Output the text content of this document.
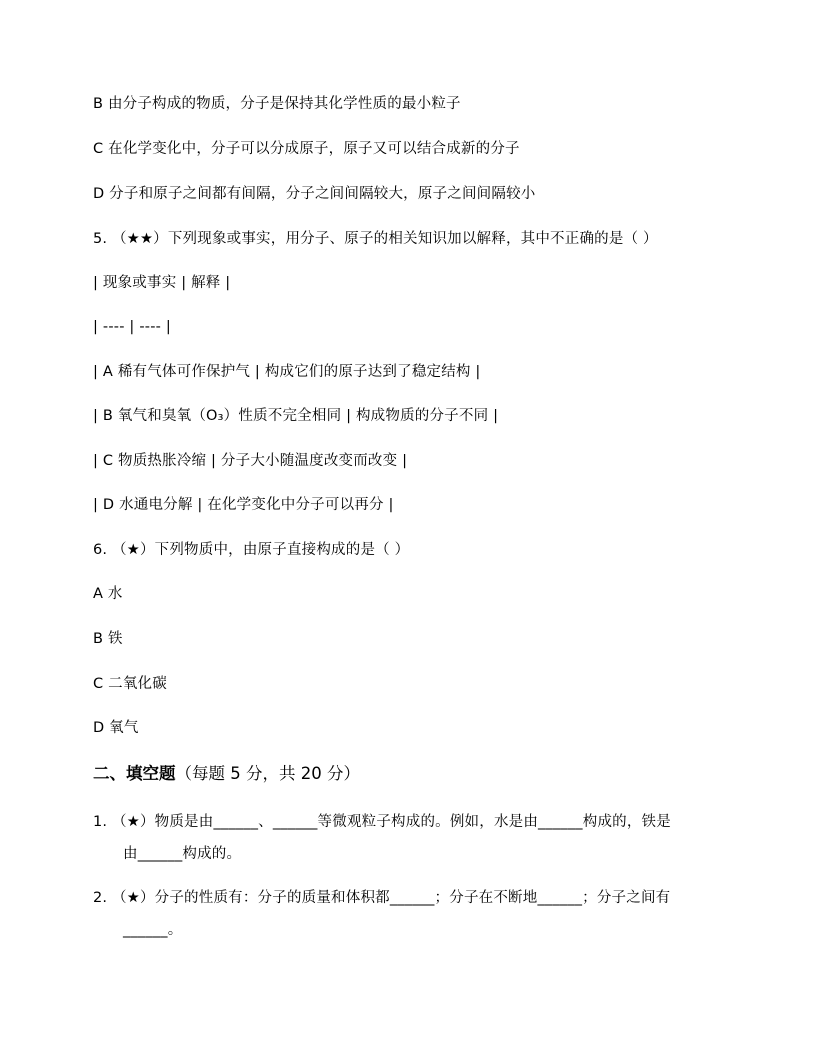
B 由分子构成的物质，分子是保持其化学性质的最小粒子
C 在化学变化中，分子可以分成原子，原子又可以结合成新的分子
D 分子和原子之间都有间隔，分子之间间隔较大，原子之间间隔较小
5. （★★）下列现象或事实，用分子、原子的相关知识加以解释，其中不正确的是（ ）
| 现象或事实 | 解释 |
| ---- | ---- |
| A 稀有气体可作保护气 | 构成它们的原子达到了稳定结构 |
| B 氧气和臭氧（O₃）性质不完全相同 | 构成物质的分子不同 |
| C 物质热胀冷缩 | 分子大小随温度改变而改变 |
| D 水通电分解 | 在化学变化中分子可以再分 |
6. （★）下列物质中，由原子直接构成的是（ ）
A 水
B 铁
C 二氧化碳
D 氧气
二、填空题（每题 5 分，共 20 分）
1. （★）物质是由______、______等微观粒子构成的。例如，水是由______构成的，铁是
由______构成的。
2. （★）分子的性质有：分子的质量和体积都______；分子在不断地______；分子之间有
______。
